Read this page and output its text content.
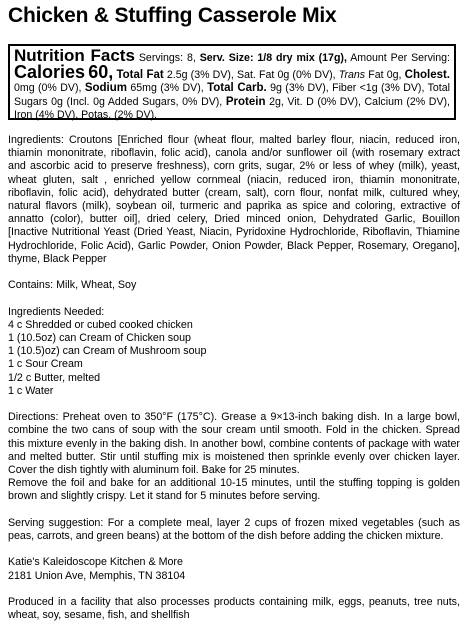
Chicken & Stuffing Casserole Mix
Nutrition Facts Servings: 8, Serv. Size: 1/8 dry mix (17g), Amount Per Serving: Calories 60, Total Fat 2.5g (3% DV), Sat. Fat 0g (0% DV), Trans Fat 0g, Cholest. 0mg (0% DV), Sodium 65mg (3% DV), Total Carb. 9g (3% DV), Fiber <1g (3% DV), Total Sugars 0g (Incl. 0g Added Sugars, 0% DV), Protein 2g, Vit. D (0% DV), Calcium (2% DV), Iron (4% DV), Potas. (2% DV).

Ingredients: Croutons [Enriched flour (wheat flour, malted barley flour, niacin, reduced iron, thiamin mononitrate, riboflavin, folic acid), canola and/or sunflower oil (with rosemary extract and ascorbic acid to preserve freshness), corn grits, sugar, 2% or less of whey (milk), yeast, wheat gluten, salt , enriched yellow cornmeal (niacin, reduced iron, thiamin mononitrate, riboflavin, folic acid), dehydrated butter (cream, salt), corn flour, nonfat milk, cultured whey, natural flavors (milk), soybean oil, turmeric and paprika as spice and coloring, extractive of annatto (color), butter oil], dried celery, Dried minced onion, Dehydrated Garlic, Bouillon [Inactive Nutritional Yeast (Dried Yeast, Niacin, Pyridoxine Hydrochloride, Riboflavin, Thiamine Hydrochloride, Folic Acid), Garlic Powder, Onion Powder, Black Pepper, Rosemary, Oregano], thyme, Black Pepper

Contains: Milk, Wheat, Soy

Ingredients Needed:
4 c Shredded or cubed cooked chicken
1 (10.5oz) can Cream of Chicken soup
1 (10.5)oz) can Cream of Mushroom soup
1 c Sour Cream
1/2 c Butter, melted
1 c Water

Directions: Preheat oven to 350°F (175°C). Grease a 9×13-inch baking dish. In a large bowl, combine the two cans of soup with the sour cream until smooth. Fold in the chicken. Spread this mixture evenly in the baking dish. In another bowl, combine contents of package with water and melted butter. Stir until stuffing mix is moistened then sprinkle evenly over chicken layer. Cover the dish tightly with aluminum foil. Bake for 25 minutes.

Remove the foil and bake for an additional 10-15 minutes, until the stuffing topping is golden brown and slightly crispy. Let it stand for 5 minutes before serving.

Serving suggestion: For a complete meal, layer 2 cups of frozen mixed vegetables (such as peas, carrots, and green beans) at the bottom of the dish before adding the chicken mixture.

Katie's Kaleidoscope Kitchen & More
2181 Union Ave, Memphis, TN 38104

Produced in a facility that also processes products containing milk, eggs, peanuts, tree nuts, wheat, soy, sesame, fish, and shellfish
